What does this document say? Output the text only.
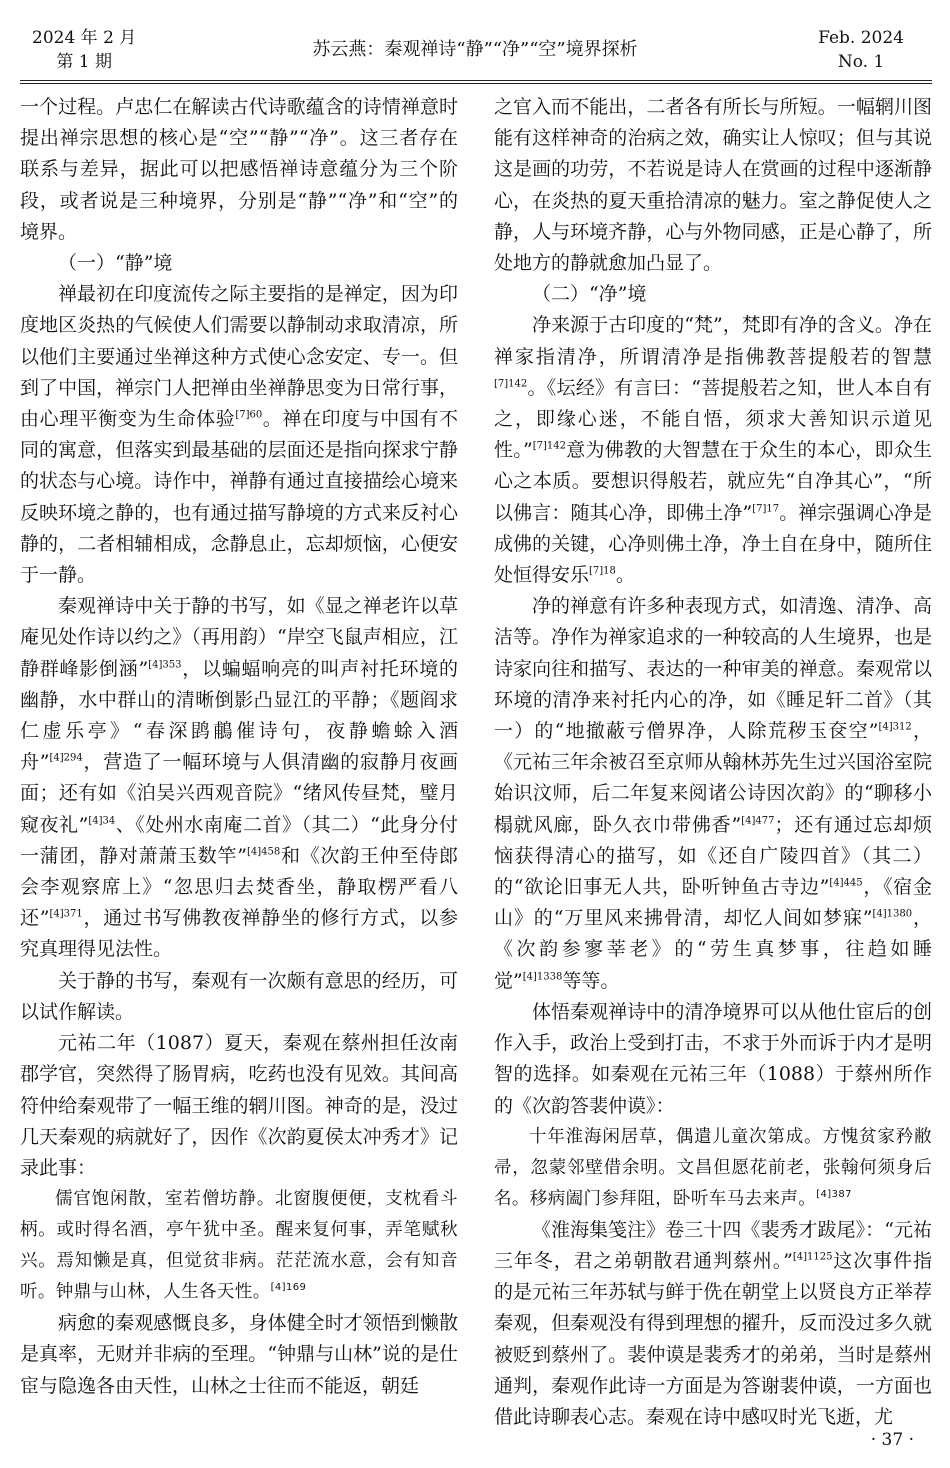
2024 年 2 月
第 1 期
苏云燕：秦观禅诗“静”“净”“空”境界探析
Feb. 2024
No. 1

一个过程。卢忠仁在解读古代诗歌蕴含的诗情禅意时提出禅宗思想的核心是“空”“静”“净”。这三者存在联系与差异，据此可以把感悟禅诗意蕴分为三个阶段，或者说是三种境界，分别是“静”“净”和“空”的境界。

（一）“静”境

禅最初在印度流传之际主要指的是禅定，因为印度地区炎热的气候使人们需要以静制动求取清凉，所以他们主要通过坐禅这种方式使心念安定、专一。但到了中国，禅宗门人把禅由坐禅静思变为日常行事，由心理平衡变为生命体验$^{[7]60}$。禅在印度与中国有不同的寓意，但落实到最基础的层面还是指向探求宁静的状态与心境。诗作中，禅静有通过直接描绘心境来反映环境之静的，也有通过描写静境的方式来反衬心静的，二者相辅相成，念静息止，忘却烦恼，心便安于一静。

秦观禅诗中关于静的书写，如《显之禅老许以草庵见处作诗以约之》（再用韵）“岸空飞鼠声相应，江静群峰影倒涵”$^{[4]353}$，以蝙蝠响亮的叫声衬托环境的幽静，水中群山的清晰倒影凸显江的平静；《题阎求仁虚乐亭》“春深鹍鵏催诗句，夜静蟾蜍入酒舟”$^{[4]294}$，营造了一幅环境与人俱清幽的寂静月夜画面；还有如《泊吴兴西观音院》“绪风传昼梵，璧月窥夜礼”$^{[4]34}$、《处州水南庵二首》（其二）“此身分付一蒲团，静对萧萧玉数竿”$^{[4]458}$和《次韵王仲至侍郎会李观察席上》“忽思归去焚香坐，静取楞严看八还”$^{[4]371}$，通过书写佛教夜禅静坐的修行方式，以参究真理得见法性。

关于静的书写，秦观有一次颇有意思的经历，可以试作解读。

元祐二年（1087）夏天，秦观在蔡州担任汝南郡学官，突然得了肠胃病，吃药也没有见效。其间高符仲给秦观带了一幅王维的辋川图。神奇的是，没过几天秦观的病就好了，因作《次韵夏侯太冲秀才》记录此事：

儒官饱闲散，室若僧坊静。北窗腹便便，支枕看斗柄。或时得名酒，亭午犹中圣。醒来复何事，弄笔赋秋兴。焉知懒是真，但觉贫非病。茫茫流水意，会有知音听。钟鼎与山林，人生各天性。$^{[4]169}$

病愈的秦观感慨良多，身体健全时才领悟到懒散是真率，无财并非病的至理。“钟鼎与山林”说的是仕宦与隐逸各由天性，山林之士往而不能返，朝廷

之官入而不能出，二者各有所长与所短。一幅辋川图能有这样神奇的治病之效，确实让人惊叹；但与其说这是画的功劳，不若说是诗人在赏画的过程中逐渐静心，在炎热的夏天重拾清凉的魅力。室之静促使人之静，人与环境齐静，心与外物同感，正是心静了，所处地方的静就愈加凸显了。

（二）“净”境

净来源于古印度的“梵”，梵即有净的含义。净在禅家指清净，所谓清净是指佛教菩提般若的智慧$^{[7]142}$。《坛经》有言曰：“菩提般若之知，世人本自有之，即缘心迷，不能自悟，须求大善知识示道见性。”$^{[7]142}$意为佛教的大智慧在于众生的本心，即众生心之本质。要想识得般若，就应先“自净其心”，“所以佛言：随其心净，即佛土净”$^{[7]17}$。禅宗强调心净是成佛的关键，心净则佛土净，净土自在身中，随所住处恒得安乐$^{[7]18}$。

净的禅意有许多种表现方式，如清逸、清净、高洁等。净作为禅家追求的一种较高的人生境界，也是诗家向往和描写、表达的一种审美的禅意。秦观常以环境的清净来衬托内心的净，如《睡足轩二首》（其一）的“地撤蔽亏僧界净，人除荒秽玉奁空”$^{[4]312}$，《元祐三年余被召至京师从翰林苏先生过兴国浴室院始识汶师，后二年复来阅诸公诗因次韵》的“聊移小榻就风廊，卧久衣巾带佛香”$^{[4]477}$；还有通过忘却烦恼获得清心的描写，如《还自广陵四首》（其二）的“欲论旧事无人共，卧听钟鱼古寺边”$^{[4]445}$，《宿金山》的“万里风来拂骨清，却忆人间如梦寐”$^{[4]1380}$，《次韵参寥莘老》的“劳生真梦事，往趋如睡觉”$^{[4]1338}$等等。

体悟秦观禅诗中的清净境界可以从他仕宦后的创作入手，政治上受到打击，不求于外而诉于内才是明智的选择。如秦观在元祐三年（1088）于蔡州所作的《次韵答裴仲谟》：

十年淮海闲居草，偶遣儿童次第成。方愧贫家矜敝帚，忽蒙邻壁借余明。文昌但愿花前老，张翰何须身后名。移病阖门参拜阻，卧听车马去来声。$^{[4]387}$

《淮海集笺注》卷三十四《裴秀才跋尾》：“元祐三年冬，君之弟朝散君通判蔡州。”$^{[4]1125}$这次事件指的是元祐三年苏轼与鲜于侁在朝堂上以贤良方正举荐秦观，但秦观没有得到理想的擢升，反而没过多久就被贬到蔡州了。裴仲谟是裴秀才的弟弟，当时是蔡州通判，秦观作此诗一方面是为答谢裴仲谟，一方面也借此诗聊表心志。秦观在诗中感叹时光飞逝，尤

· 37 ·
